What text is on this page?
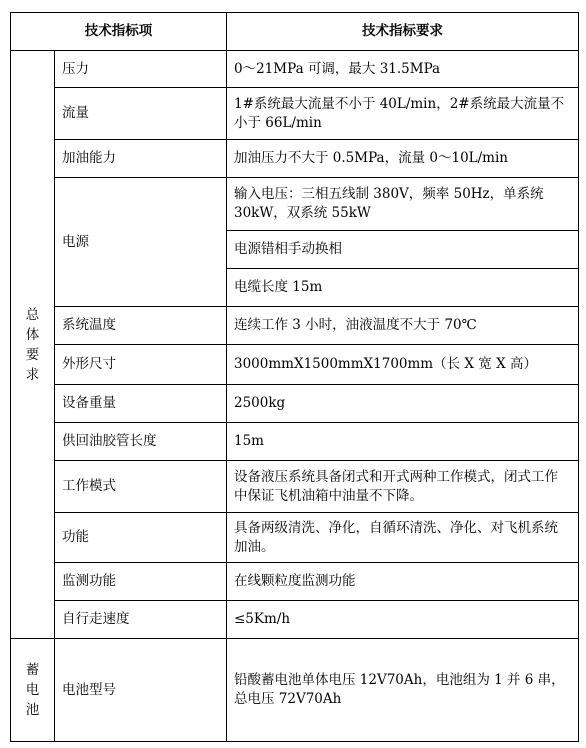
技术指标项		技术指标要求

总体要求	压力	0～21MPa 可调，最大 31.5MPa
	流量	1#系统最大流量不小于 40L/min，2#系统最大流量不小于 66L/min
	加油能力	加油压力不大于 0.5MPa，流量 0～10L/min
	电源	输入电压：三相五线制 380V，频率 50Hz，单系统 30kW，双系统 55kW
		电源错相手动换相
		电缆长度 15m
	系统温度	连续工作 3 小时，油液温度不大于 70℃
	外形尺寸	3000mmX1500mmX1700mm（长 X 宽 X 高）
	设备重量	2500kg
	供回油胶管长度	15m
	工作模式	设备液压系统具备闭式和开式两种工作模式，闭式工作中保证飞机油箱中油量不下降。
	功能	具备两级清洗、净化，自循环清洗、净化、对飞机系统加油。
	监测功能	在线颗粒度监测功能
	自行走速度	≤5Km/h

蓄电池	电池型号	铅酸蓄电池单体电压 12V70Ah，电池组为 1 并 6 串，总电压 72V70Ah
